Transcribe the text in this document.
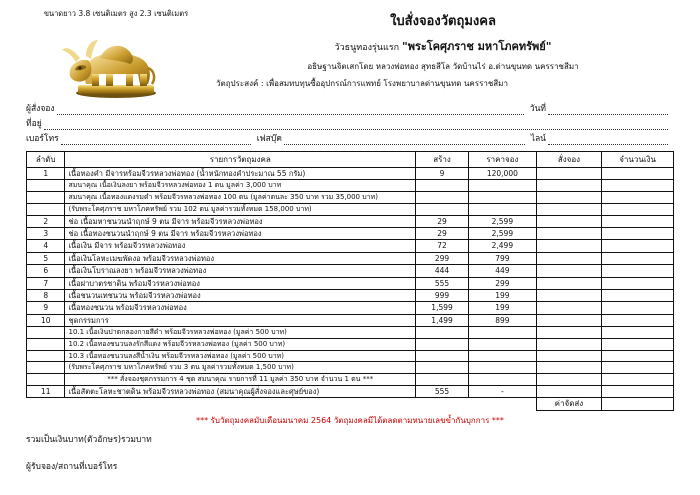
ขนาดยาว 3.8 เซนติเมตร สูง 2.3 เซนติเมตร
ใบสั่งจองวัตถุมงคล
วัวธนูทองรุ่นแรก "พระโคศุภราช มหาโภคทรัพย์"
อธิษฐานจิตเสกโดย หลวงพ่อทอง สุทธสีโล วัดบ้านไร่ อ.ด่านขุนทด นครราชสีมา
วัตถุประสงค์ : เพื่อสมทบทุนซื้ออุปกรณ์การแพทย์ โรงพยาบาลด่านขุนทด นครราชสีมา
ผู้สั่งจอง	วันที่
ที่อยู่
เบอร์โทร	เฟสบุ๊ค	ไลน์
ลำดับ	รายการวัตถุมงคล	สร้าง	ราคาจอง	สั่งจอง	จำนวนเงิน
1	เนื้อทองคำ มีจารหร้อมจีวรหลวงพ่อทอง (น้ำหนักทองคำประมาณ 55 กรัม)	9	120,000		
	สมนาคุณ เนื้อเงินลงยา พร้อมจีวรหลวงพ่อทอง 1 ตน มูลค่า 3,000 บาท				
	สมนาคุณ เนื้อทองแดงรมดำ พร้อมจีวรหลวงพ่อทอง 100 ตน (มูลค่าตนละ 350 บาท รวม 35,000 บาท)				
	(รับพระโคศุภราช มหาโภคทรัพย์ รวม 102 ตน มูลค่ารวมทั้งหมด 158,000 บาท)				
2	ช่อ เนื้อมหาชนวนนำฤกษ์ 9 ตน มีจาร พร้อมจีวรหลวงพ่อทอง	29	2,599		
3	ช่อ เนื้อทองชนวนนำฤกษ์ 9 ตน มีจาร พร้อมจีวรหลวงพ่อทอง	29	2,599		
4	เนื้อเงิน มีจาร พร้อมจีวรหลวงพ่อทอง	72	2,499		
5	เนื้อเงินโลหะเมฆพัดงอ พร้อมจีวรหลวงพ่อทอง	299	799		
6	เนื้อเงินโบราณลงยา พร้อมจีวรหลวงพ่อทอง	444	449		
7	เนื้อฝาบาตรชาดิน พร้อมจีวรหลวงพ่อทอง	555	299		
8	เนื้อชนวนเทชนวน พร้อมจีวรหลวงพ่อทอง	999	199		
9	เนื้อทองชนวน พร้อมจีวรหลวงพ่อทอง	1,599	199		
10	ชุดกรรมการ	1,499	899		
	10.1 เนื้อเงินปาตกลองกายสีดำ พร้อมจีวรหลวงพ่อทอง (มูลค่า 500 บาท)				
	10.2 เนื้อทองชนวนลงรักสีแดง พร้อมจีวรหลวงพ่อทอง (มูลค่า 500 บาท)				
	10.3 เนื้อทองชนวนลงสีน้ำเงิน พร้อมจีวรหลวงพ่อทอง (มูลค่า 500 บาท)				
	(รับพระโคศุภราช มหาโภคทรัพย์ รวม 3 ตน มูลค่ารวมทั้งหมด 1,500 บาท)				
	*** สั่งจองชุดกรรมการ 4 ชุด สมนาคุณ รายการที่ 11 มูลค่า 350 บาท จำนวน 1 ตน ***				
11	เนื้อสัตตะโลหะชาตดิน พร้อมจีวรหลวงพ่อทอง (สมนาคุณผู้สั่งจองและศุษย์ของ)	555	-		
				ค่าจัดส่ง	
*** รับวัตถุมงคลมับเดือนมนาคม 2564 วัตถุมงคลมีได้ตลดตามหนายเลขข้ำกันบุกการ ***
รวมเป็นเงิน บาท(ตัวอักษร) รวม บาท
ผู้รับจอง/สถานที่ เบอร์โทร
